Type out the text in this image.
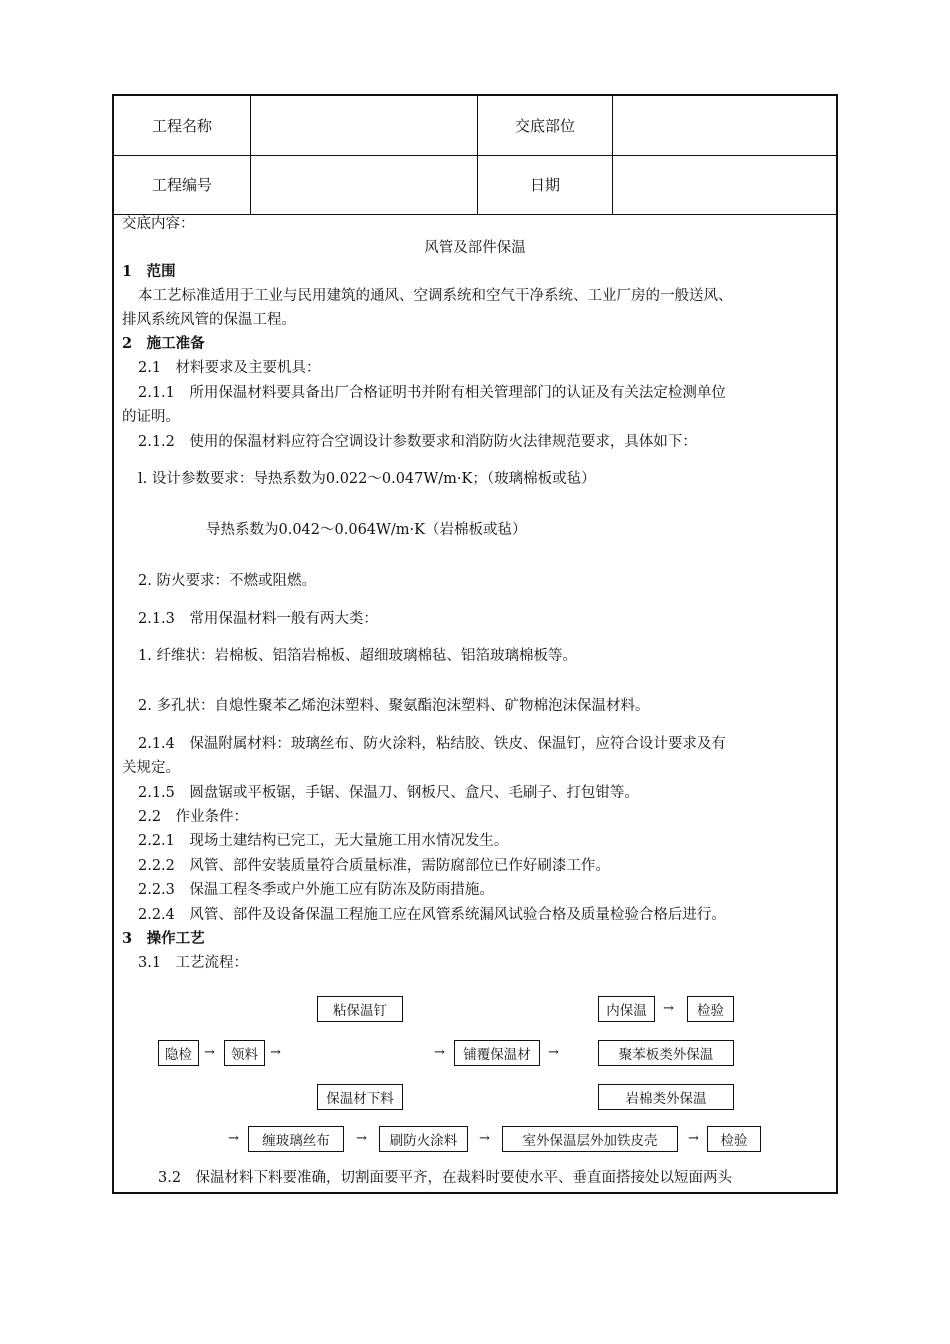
工程名称	交底部位
工程编号	日期
交底内容：
风管及部件保温
1　范围
本工艺标准适用于工业与民用建筑的通风、空调系统和空气干净系统、工业厂房的一般送风、
排风系统风管的保温工程。
2　施工准备
2.1　材料要求及主要机具：
2.1.1　所用保温材料要具备出厂合格证明书并附有相关管理部门的认证及有关法定检测单位
的证明。
2.1.2　使用的保温材料应符合空调设计参数要求和消防防火法律规范要求，具体如下：
l. 设计参数要求：导热系数为0.022～0.047W/m·K；（玻璃棉板或毡）
导热系数为0.042～0.064W/m·K（岩棉板或毡）
2. 防火要求：不燃或阻燃。
2.1.3　常用保温材料一般有两大类：
1. 纤维状：岩棉板、铝箔岩棉板、超细玻璃棉毡、铝箔玻璃棉板等。
2. 多孔状：自熄性聚苯乙烯泡沫塑料、聚氨酯泡沫塑料、矿物棉泡沫保温材料。
2.1.4　保温附属材料：玻璃丝布、防火涂料，粘结胶、铁皮、保温钉，应符合设计要求及有
关规定。
2.1.5　圆盘锯或平板锯，手锯、保温刀、钢板尺、盒尺、毛刷子、打包钳等。
2.2　作业条件：
2.2.1　现场土建结构已完工，无大量施工用水情况发生。
2.2.2　风管、部件安装质量符合质量标准，需防腐部位已作好刷漆工作。
2.2.3　保温工程冬季或户外施工应有防冻及防雨措施。
2.2.4　风管、部件及设备保温工程施工应在风管系统漏风试验合格及质量检验合格后进行。
3　操作工艺
3.1　工艺流程：
粘保温钉	内保温	→	检验
隐检 →	领料 →	→	铺覆保温材	→	聚苯板类外保温
保温材下料	岩棉类外保温
→	缠玻璃丝布	→	刷防火涂料	→	室外保温层外加铁皮壳	→	检验
3.2　保温材料下料要准确，切割面要平齐，在裁料时要使水平、垂直面搭接处以短面两头
